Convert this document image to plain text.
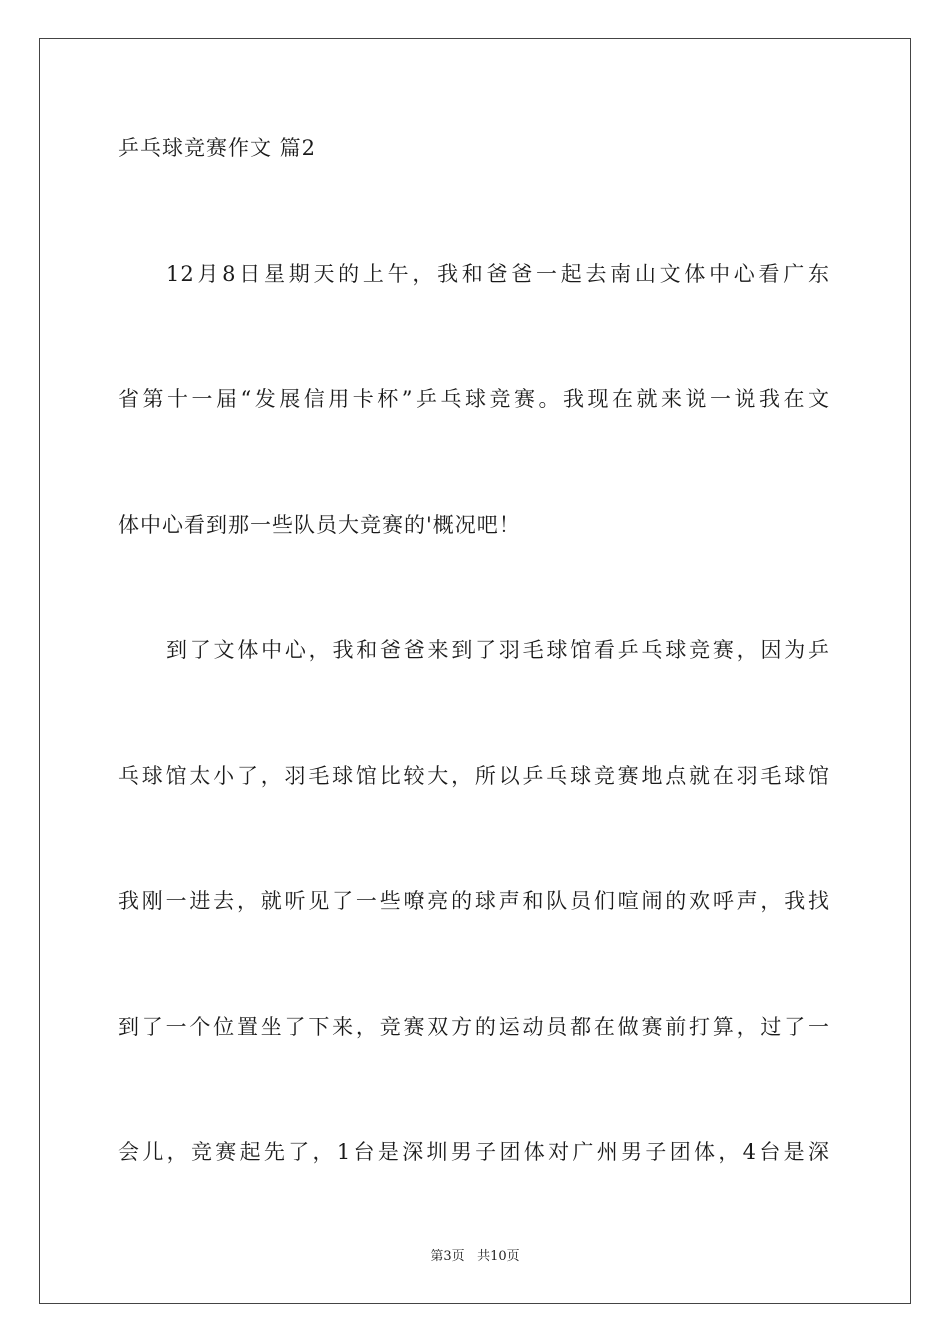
乒乓球竞赛作文 篇2
12月8日星期天的上午，我和爸爸一起去南山文体中心看广东
省第十一届“发展信用卡杯”乒乓球竞赛。我现在就来说一说我在文
体中心看到那一些队员大竞赛的'概况吧！
到了文体中心，我和爸爸来到了羽毛球馆看乒乓球竞赛，因为乒
乓球馆太小了，羽毛球馆比较大，所以乒乓球竞赛地点就在羽毛球馆
我刚一进去，就听见了一些嘹亮的球声和队员们喧闹的欢呼声，我找
到了一个位置坐了下来，竞赛双方的运动员都在做赛前打算，过了一
会儿，竞赛起先了，1台是深圳男子团体对广州男子团体，4台是深
第3页 共10页
